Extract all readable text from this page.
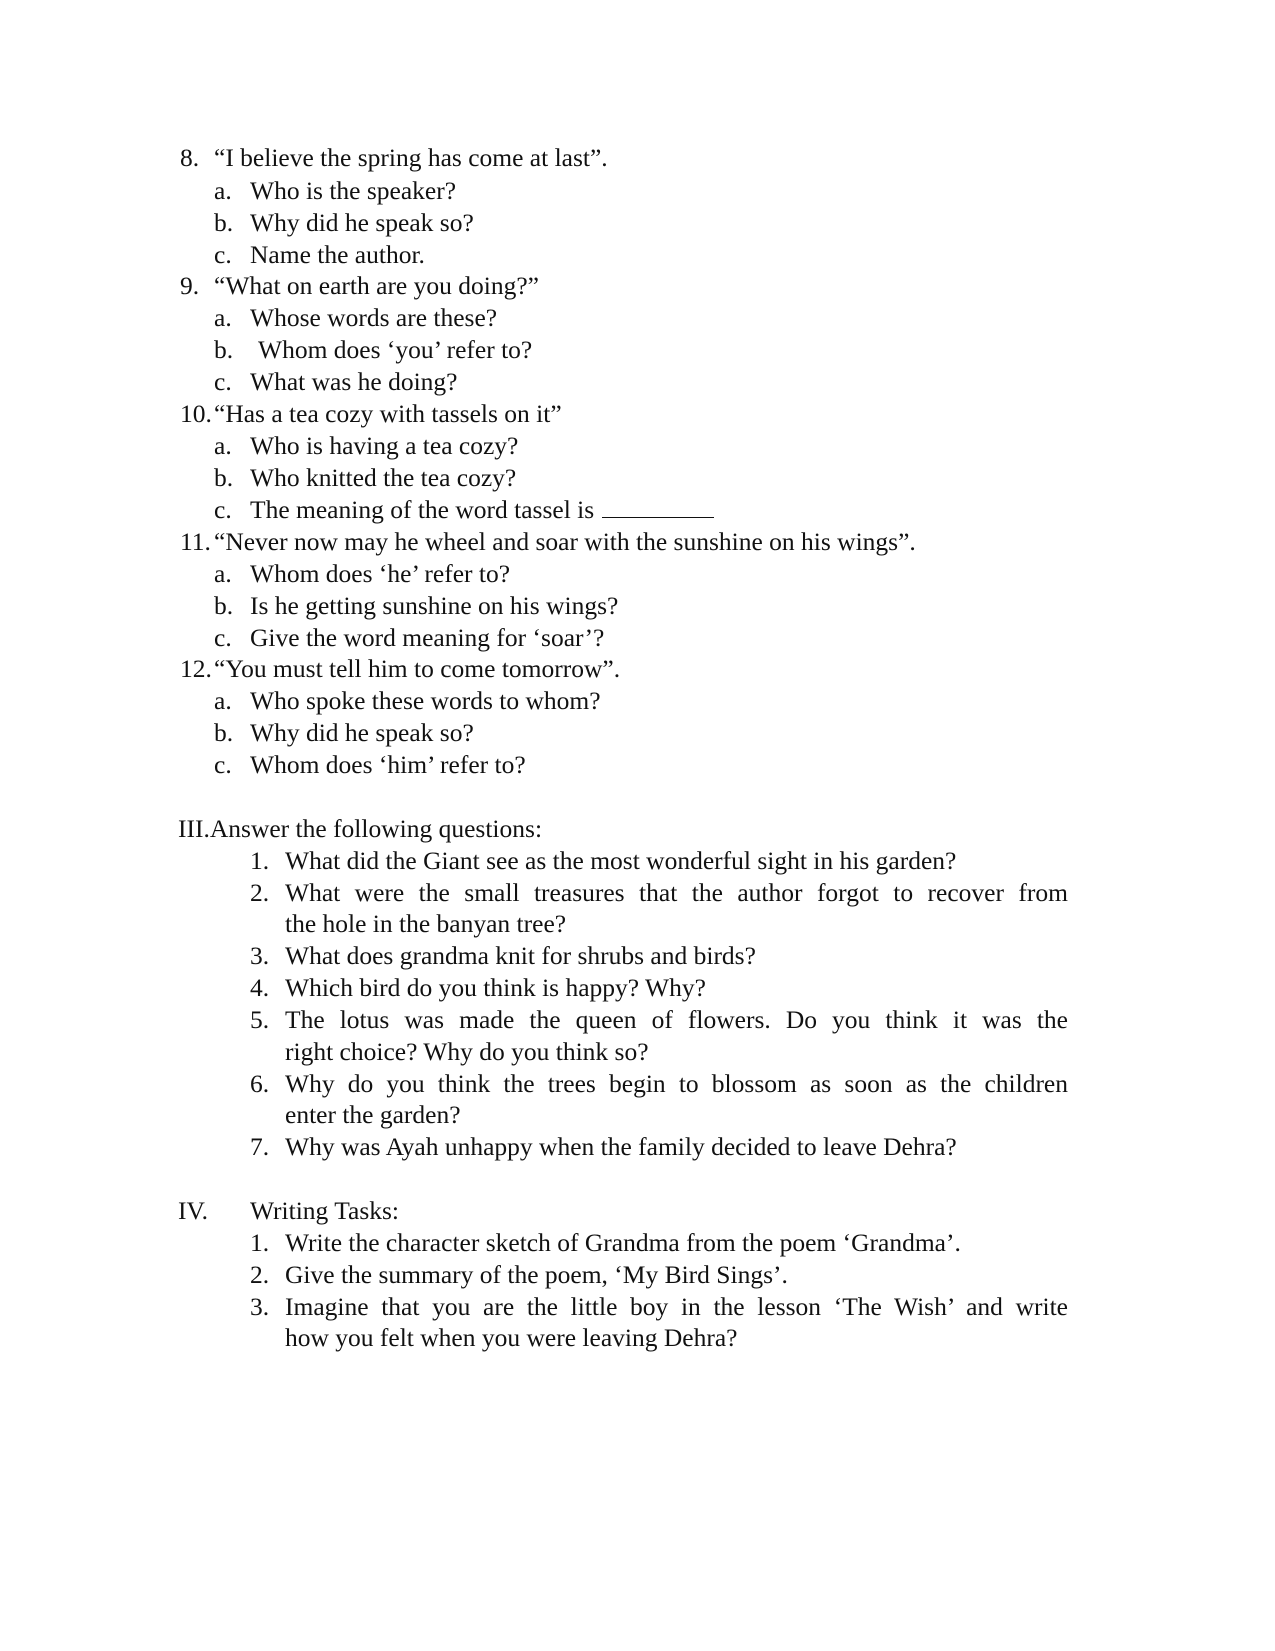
8. “I believe the spring has come at last”.
a. Who is the speaker?
b. Why did he speak so?
c. Name the author.
9. “What on earth are you doing?”
a. Whose words are these?
b. Whom does ‘you’ refer to?
c. What was he doing?
10. “Has a tea cozy with tassels on it”
a. Who is having a tea cozy?
b. Who knitted the tea cozy?
c. The meaning of the word tassel is
11. “Never now may he wheel and soar with the sunshine on his wings”.
a. Whom does ‘he’ refer to?
b. Is he getting sunshine on his wings?
c. Give the word meaning for ‘soar’?
12. “You must tell him to come tomorrow”.
a. Who spoke these words to whom?
b. Why did he speak so?
c. Whom does ‘him’ refer to?
III.Answer the following questions:
1. What did the Giant see as the most wonderful sight in his garden?
2. What were the small treasures that the author forgot to recover from
the hole in the banyan tree?
3. What does grandma knit for shrubs and birds?
4. Which bird do you think is happy? Why?
5. The lotus was made the queen of flowers. Do you think it was the
right choice? Why do you think so?
6. Why do you think the trees begin to blossom as soon as the children
enter the garden?
7. Why was Ayah unhappy when the family decided to leave Dehra?
IV. Writing Tasks:
1. Write the character sketch of Grandma from the poem ‘Grandma’.
2. Give the summary of the poem, ‘My Bird Sings’.
3. Imagine that you are the little boy in the lesson ‘The Wish’ and write
how you felt when you were leaving Dehra?
